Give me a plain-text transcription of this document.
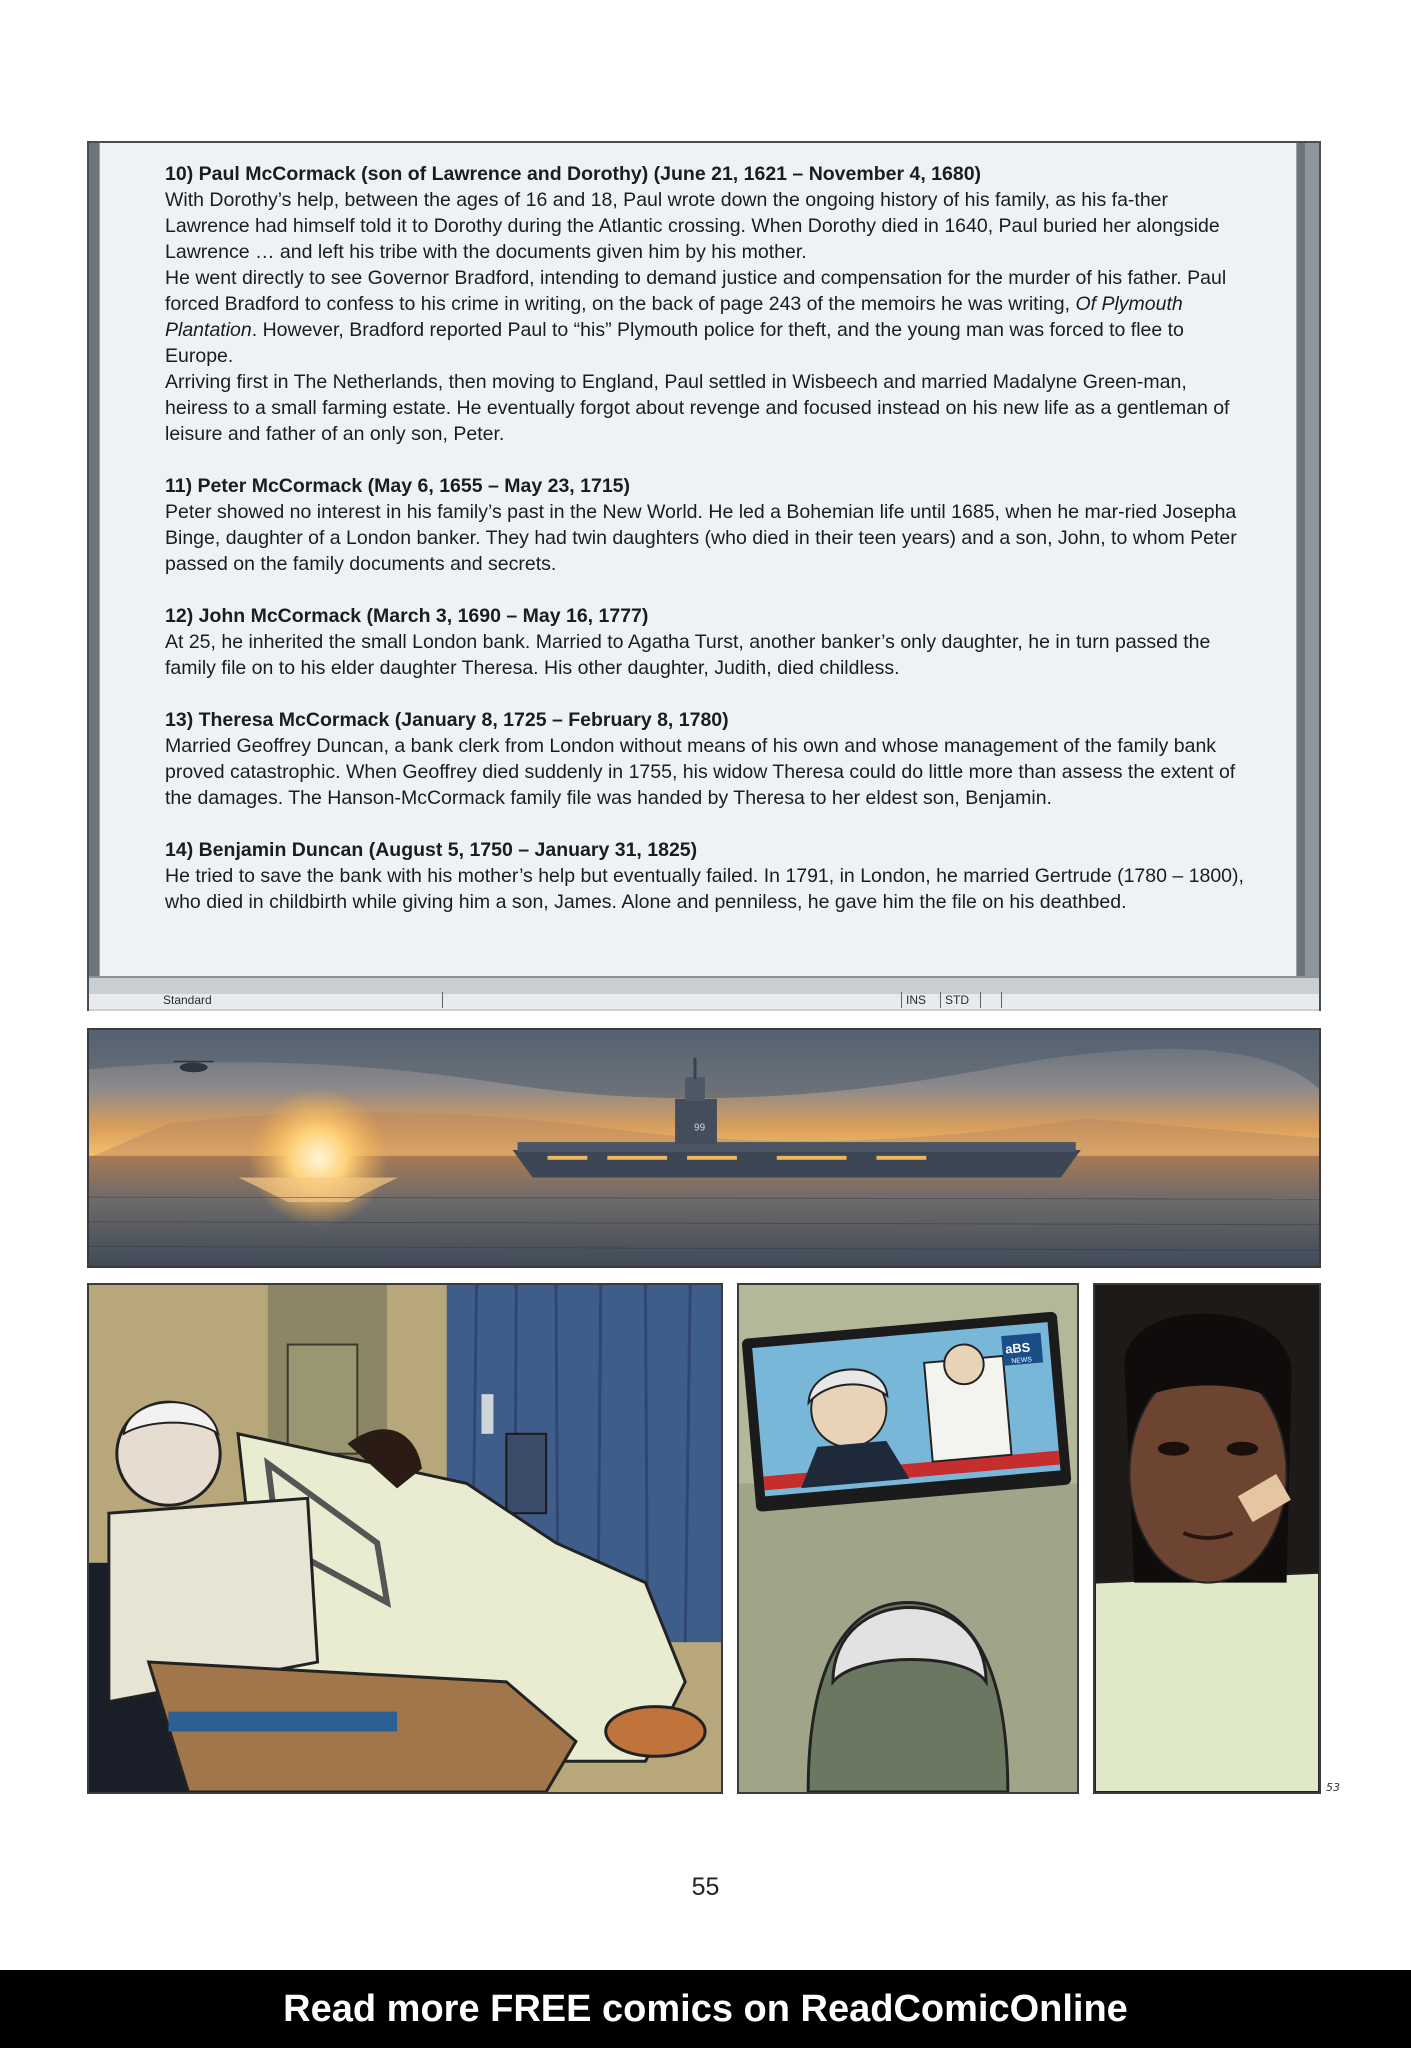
10) Paul McCormack (son of Lawrence and Dorothy) (June 21, 1621 – November 4, 1680)

With Dorothy’s help, between the ages of 16 and 18, Paul wrote down the ongoing history of his family, as his fa-ther Lawrence had himself told it to Dorothy during the Atlantic crossing. When Dorothy died in 1640, Paul buried her alongside Lawrence … and left his tribe with the documents given him by his mother.

He went directly to see Governor Bradford, intending to demand justice and compensation for the murder of his father. Paul forced Bradford to confess to his crime in writing, on the back of page 243 of the memoirs he was writing, Of Plymouth Plantation. However, Bradford reported Paul to “his” Plymouth police for theft, and the young man was forced to flee to Europe.

Arriving first in The Netherlands, then moving to England, Paul settled in Wisbeech and married Madalyne Green-man, heiress to a small farming estate. He eventually forgot about revenge and focused instead on his new life as a gentleman of leisure and father of an only son, Peter.

11) Peter McCormack (May 6, 1655 – May 23, 1715)

Peter showed no interest in his family’s past in the New World. He led a Bohemian life until 1685, when he mar-ried Josepha Binge, daughter of a London banker. They had twin daughters (who died in their teen years) and a son, John, to whom Peter passed on the family documents and secrets.

12) John McCormack (March 3, 1690 – May 16, 1777)

At 25, he inherited the small London bank. Married to Agatha Turst, another banker’s only daughter, he in turn passed the family file on to his elder daughter Theresa. His other daughter, Judith, died childless.

13) Theresa McCormack (January 8, 1725 – February 8, 1780)

Married Geoffrey Duncan, a bank clerk from London without means of his own and whose management of the family bank proved catastrophic. When Geoffrey died suddenly in 1755, his widow Theresa could do little more than assess the extent of the damages. The Hanson-McCormack family file was handed by Theresa to her eldest son, Benjamin.

14) Benjamin Duncan (August 5, 1750 – January 31, 1825)

He tried to save the bank with his mother’s help but eventually failed. In 1791, in London, he married Gertrude (1780 – 1800), who died in childbirth while giving him a son, James. Alone and penniless, he gave him the file on his deathbed.

Standard	INS	STD
99
aBS
NEWS
53
55
Read more FREE comics on ReadComicOnline
